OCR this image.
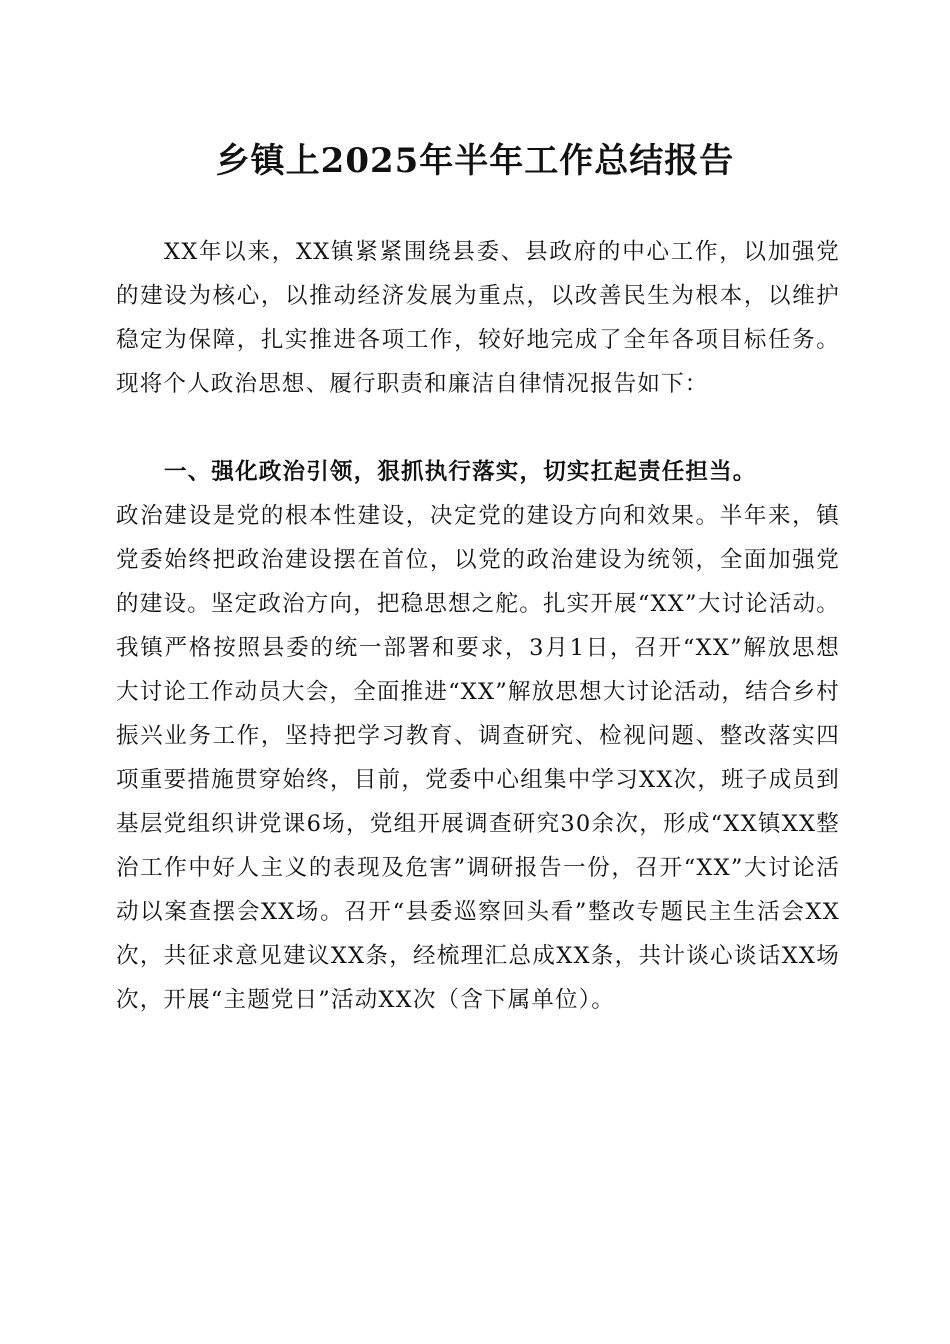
乡镇上2025年半年工作总结报告
XX年以来，XX镇紧紧围绕县委、县政府的中心工作，以加强党的建设为核心，以推动经济发展为重点，以改善民生为根本，以维护稳定为保障，扎实推进各项工作，较好地完成了全年各项目标任务。现将个人政治思想、履行职责和廉洁自律情况报告如下：
一、强化政治引领，狠抓执行落实，切实扛起责任担当。
政治建设是党的根本性建设，决定党的建设方向和效果。半年来，镇党委始终把政治建设摆在首位，以党的政治建设为统领，全面加强党的建设。坚定政治方向，把稳思想之舵。扎实开展“XX”大讨论活动。我镇严格按照县委的统一部署和要求，3月1日，召开“XX”解放思想大讨论工作动员大会，全面推进“XX”解放思想大讨论活动，结合乡村振兴业务工作，坚持把学习教育、调查研究、检视问题、整改落实四项重要措施贯穿始终，目前，党委中心组集中学习XX次，班子成员到基层党组织讲党课6场，党组开展调查研究30余次，形成“XX镇XX整治工作中好人主义的表现及危害”调研报告一份，召开“XX”大讨论活动以案查摆会XX场。召开“县委巡察回头看”整改专题民主生活会XX次，共征求意见建议XX条，经梳理汇总成XX条，共计谈心谈话XX场次，开展“主题党日”活动XX次（含下属单位）。
